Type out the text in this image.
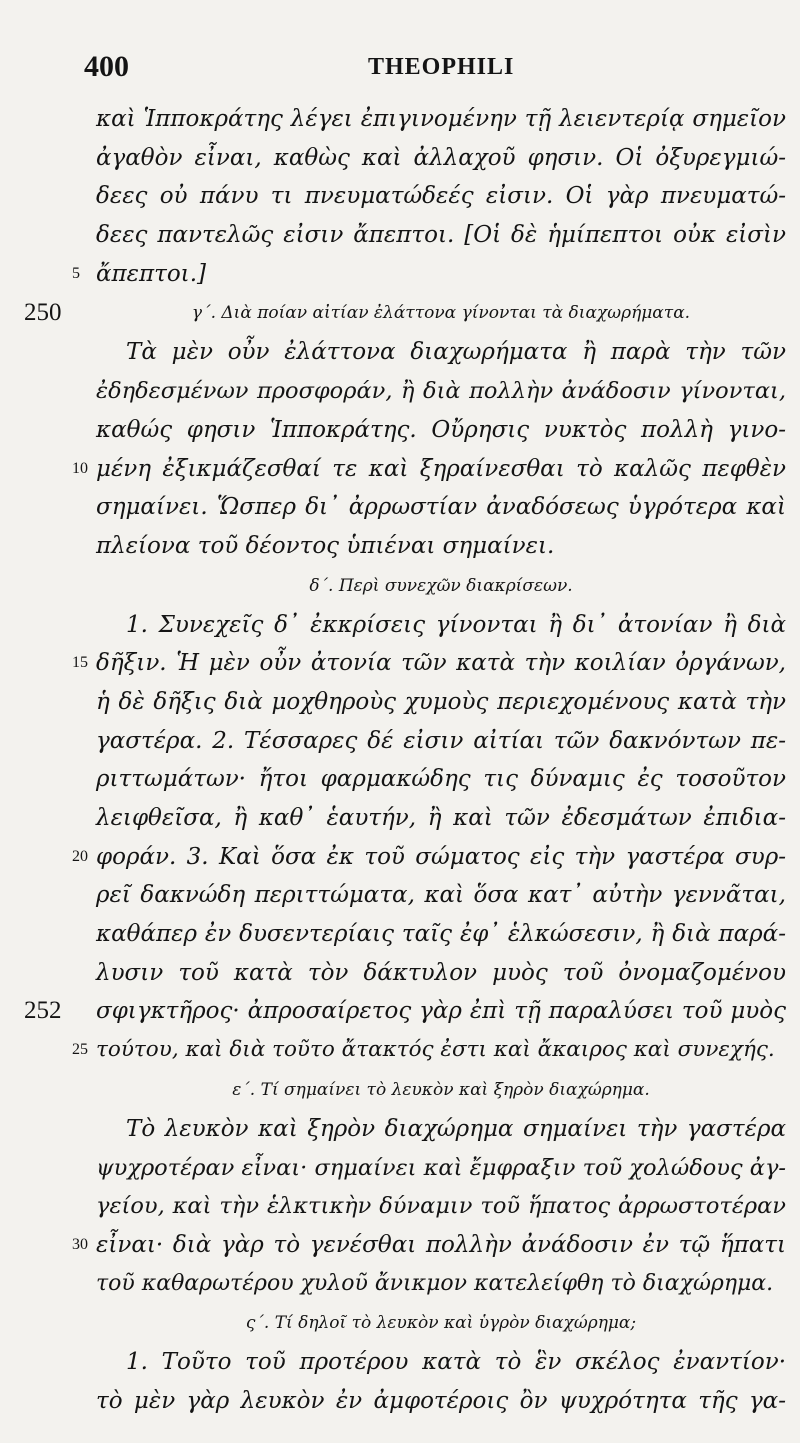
400	THEOPHILI
καὶ Ἱπποκράτης λέγει ἐπιγινομένην τῇ λειεντερίᾳ σημεῖον
ἀγαθὸν εἶναι, καθὼς καὶ ἀλλαχοῦ φησιν. Οἱ ὀξυρεγμιώ-
δεες οὐ πάνυ τι πνευματώδεές εἰσιν. Οἱ γὰρ πνευματώ-
δεες παντελῶς εἰσιν ἄπεπτοι. [Οἱ δὲ ἡμίπεπτοι οὐκ εἰσὶν
5 ἄπεπτοι.]
250	γ΄. Διὰ ποίαν αἰτίαν ἐλάττονα γίνονται τὰ διαχωρήματα.
Τὰ μὲν οὖν ἐλάττονα διαχωρήματα ἢ παρὰ τὴν τῶν
ἐδηδεσμένων προσφοράν, ἢ διὰ πολλὴν ἀνάδοσιν γίνονται,
καθώς φησιν Ἱπποκράτης. Οὔρησις νυκτὸς πολλὴ γινο-
10 μένη ἐξικμάζεσθαί τε καὶ ξηραίνεσθαι τὸ καλῶς πεφθὲν
σημαίνει. Ὥσπερ δι᾽ ἀρρωστίαν ἀναδόσεως ὑγρότερα καὶ
πλείονα τοῦ δέοντος ὑπιέναι σημαίνει.
δ΄. Περὶ συνεχῶν διακρίσεων.
1. Συνεχεῖς δ᾽ ἐκκρίσεις γίνονται ἢ δι᾽ ἀτονίαν ἢ διὰ
15 δῆξιν. Ἡ μὲν οὖν ἀτονία τῶν κατὰ τὴν κοιλίαν ὀργάνων,
ἡ δὲ δῆξις διὰ μοχθηροὺς χυμοὺς περιεχομένους κατὰ τὴν
γαστέρα. 2. Τέσσαρες δέ εἰσιν αἰτίαι τῶν δακνόντων πε-
ριττωμάτων· ἤτοι φαρμακώδης τις δύναμις ἐς τοσοῦτον
λειφθεῖσα, ἢ καθ᾽ ἑαυτήν, ἢ καὶ τῶν ἐδεσμάτων ἐπιδια-
20 φοράν. 3. Καὶ ὅσα ἐκ τοῦ σώματος εἰς τὴν γαστέρα συρ-
ρεῖ δακνώδη περιττώματα, καὶ ὅσα κατ᾽ αὐτὴν γεννᾶται,
καθάπερ ἐν δυσεντερίαις ταῖς ἐφ᾽ ἑλκώσεσιν, ἢ διὰ παρά-
λυσιν τοῦ κατὰ τὸν δάκτυλον μυὸς τοῦ ὀνομαζομένου
252 σφιγκτῆρος· ἀπροσαίρετος γὰρ ἐπὶ τῇ παραλύσει τοῦ μυὸς
25 τούτου, καὶ διὰ τοῦτο ἄτακτός ἐστι καὶ ἄκαιρος καὶ συνεχής.
ε΄. Τί σημαίνει τὸ λευκὸν καὶ ξηρὸν διαχώρημα.
Τὸ λευκὸν καὶ ξηρὸν διαχώρημα σημαίνει τὴν γαστέρα
ψυχροτέραν εἶναι· σημαίνει καὶ ἔμφραξιν τοῦ χολώδους ἀγ-
γείου, καὶ τὴν ἑλκτικὴν δύναμιν τοῦ ἥπατος ἀρρωστοτέραν
30 εἶναι· διὰ γὰρ τὸ γενέσθαι πολλὴν ἀνάδοσιν ἐν τῷ ἥπατι
τοῦ καθαρωτέρου χυλοῦ ἄνικμον κατελείφθη τὸ διαχώρημα.
ς΄. Τί δηλοῖ τὸ λευκὸν καὶ ὑγρὸν διαχώρημα;
1. Τοῦτο τοῦ προτέρου κατὰ τὸ ἓν σκέλος ἐναντίον·
τὸ μὲν γὰρ λευκὸν ἐν ἀμφοτέροις ὂν ψυχρότητα τῆς γα-
